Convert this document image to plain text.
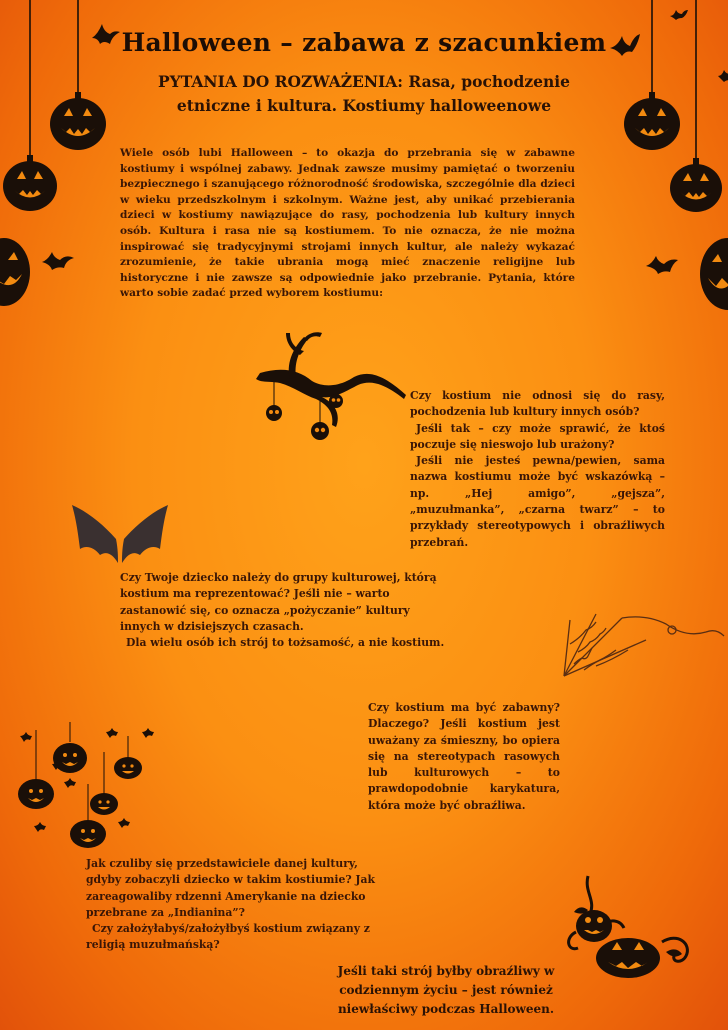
Halloween – zabawa z szacunkiem
PYTANIA DO ROZWAŻENIA: Rasa, pochodzenie etniczne i kultura. Kostiumy halloweenowe
Wiele osób lubi Halloween – to okazja do przebrania się w zabawne kostiumy i wspólnej zabawy. Jednak zawsze musimy pamiętać o tworzeniu bezpiecznego i szanującego różnorodność środowiska, szczególnie dla dzieci w wieku przedszkolnym i szkolnym. Ważne jest, aby unikać przebierania dzieci w kostiumy nawiązujące do rasy, pochodzenia lub kultury innych osób. Kultura i rasa nie są kostiumem. To nie oznacza, że nie można inspirować się tradycyjnymi strojami innych kultur, ale należy wykazać zrozumienie, że takie ubrania mogą mieć znaczenie religijne lub historyczne i nie zawsze są odpowiednie jako przebranie. Pytania, które warto sobie zadać przed wyborem kostiumu:

Czy kostium nie odnosi się do rasy, pochodzenia lub kultury innych osób?

Jeśli tak – czy może sprawić, że ktoś poczuje się nieswojo lub urażony?

Jeśli nie jesteś pewna/pewien, sama nazwa kostiumu może być wskazówką – np. „Hej amigo”, „gejsza”, „muzułmanka”, „czarna twarz” – to przykłady stereotypowych i obraźliwych przebrań.

Czy Twoje dziecko należy do grupy kulturowej, którą kostium ma reprezentować? Jeśli nie – warto zastanowić się, co oznacza „pożyczanie” kultury innych w dzisiejszych czasach.

Dla wielu osób ich strój to tożsamość, a nie kostium.

Czy kostium ma być zabawny? Dlaczego? Jeśli kostium jest uważany za śmieszny, bo opiera się na stereotypach rasowych lub kulturowych – to prawdopodobnie karykatura, która może być obraźliwa.

Jak czuliby się przedstawiciele danej kultury, gdyby zobaczyli dziecko w takim kostiumie? Jak zareagowaliby rdzenni Amerykanie na dziecko przebrane za „Indianina”?

Czy założyłabyś/założyłbyś kostium związany z religią muzułmańską?

Jeśli taki strój byłby obraźliwy w codziennym życiu – jest również niewłaściwy podczas Halloween.
